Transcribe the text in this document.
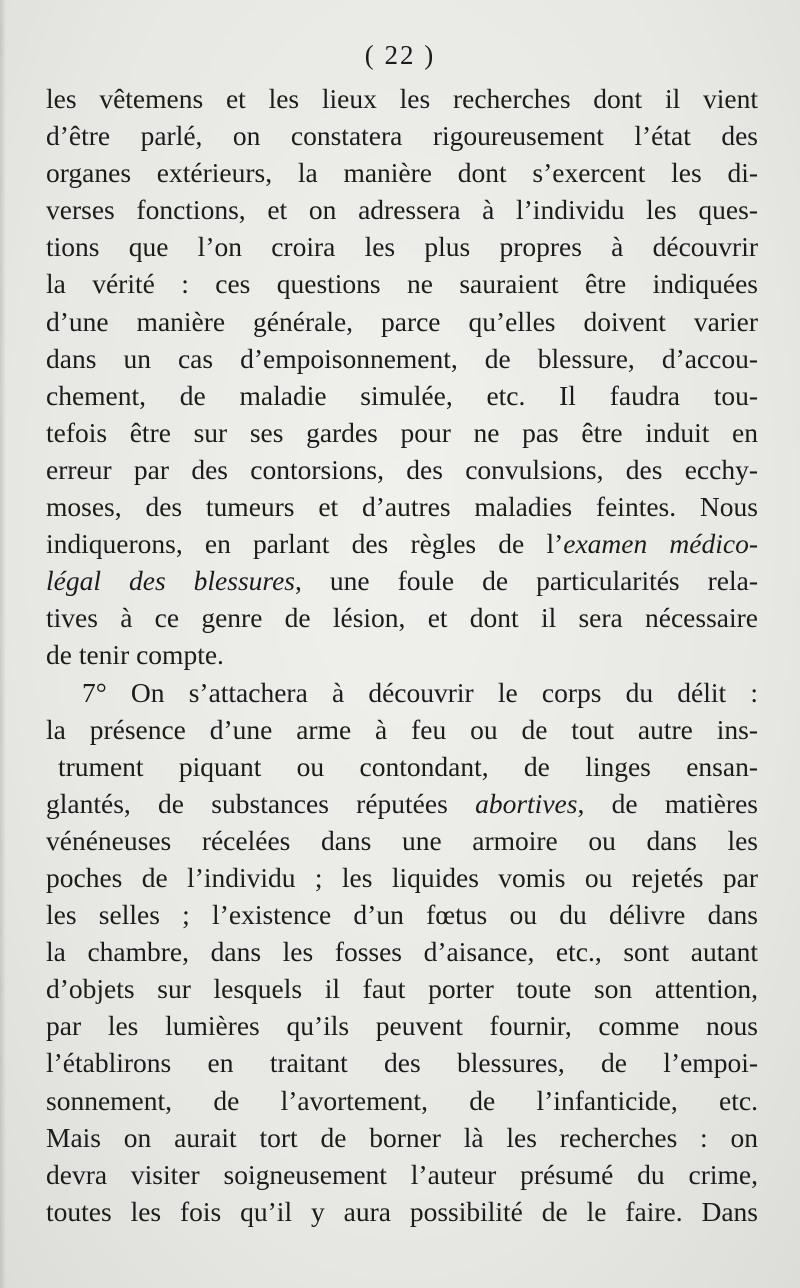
( 22 )
les vêtemens et les lieux les recherches dont il vient
d’être parlé, on constatera rigoureusement l’état des
organes extérieurs, la manière dont s’exercent les di-
verses fonctions, et on adressera à l’individu les ques-
tions que l’on croira les plus propres à découvrir
la vérité : ces questions ne sauraient être indiquées
d’une manière générale, parce qu’elles doivent varier
dans un cas d’empoisonnement, de blessure, d’accou-
chement, de maladie simulée, etc. Il faudra tou-
tefois être sur ses gardes pour ne pas être induit en
erreur par des contorsions, des convulsions, des ecchy-
moses, des tumeurs et d’autres maladies feintes. Nous
indiquerons, en parlant des règles de l’examen médico-
légal des blessures, une foule de particularités rela-
tives à ce genre de lésion, et dont il sera nécessaire
de tenir compte.
7° On s’attachera à découvrir le corps du délit :
la présence d’une arme à feu ou de tout autre ins-
trument piquant ou contondant, de linges ensan-
glantés, de substances réputées abortives, de matières
vénéneuses récelées dans une armoire ou dans les
poches de l’individu ; les liquides vomis ou rejetés par
les selles ; l’existence d’un fœtus ou du délivre dans
la chambre, dans les fosses d’aisance, etc., sont autant
d’objets sur lesquels il faut porter toute son attention,
par les lumières qu’ils peuvent fournir, comme nous
l’établirons en traitant des blessures, de l’empoi-
sonnement, de l’avortement, de l’infanticide, etc.
Mais on aurait tort de borner là les recherches : on
devra visiter soigneusement l’auteur présumé du crime,
toutes les fois qu’il y aura possibilité de le faire. Dans
